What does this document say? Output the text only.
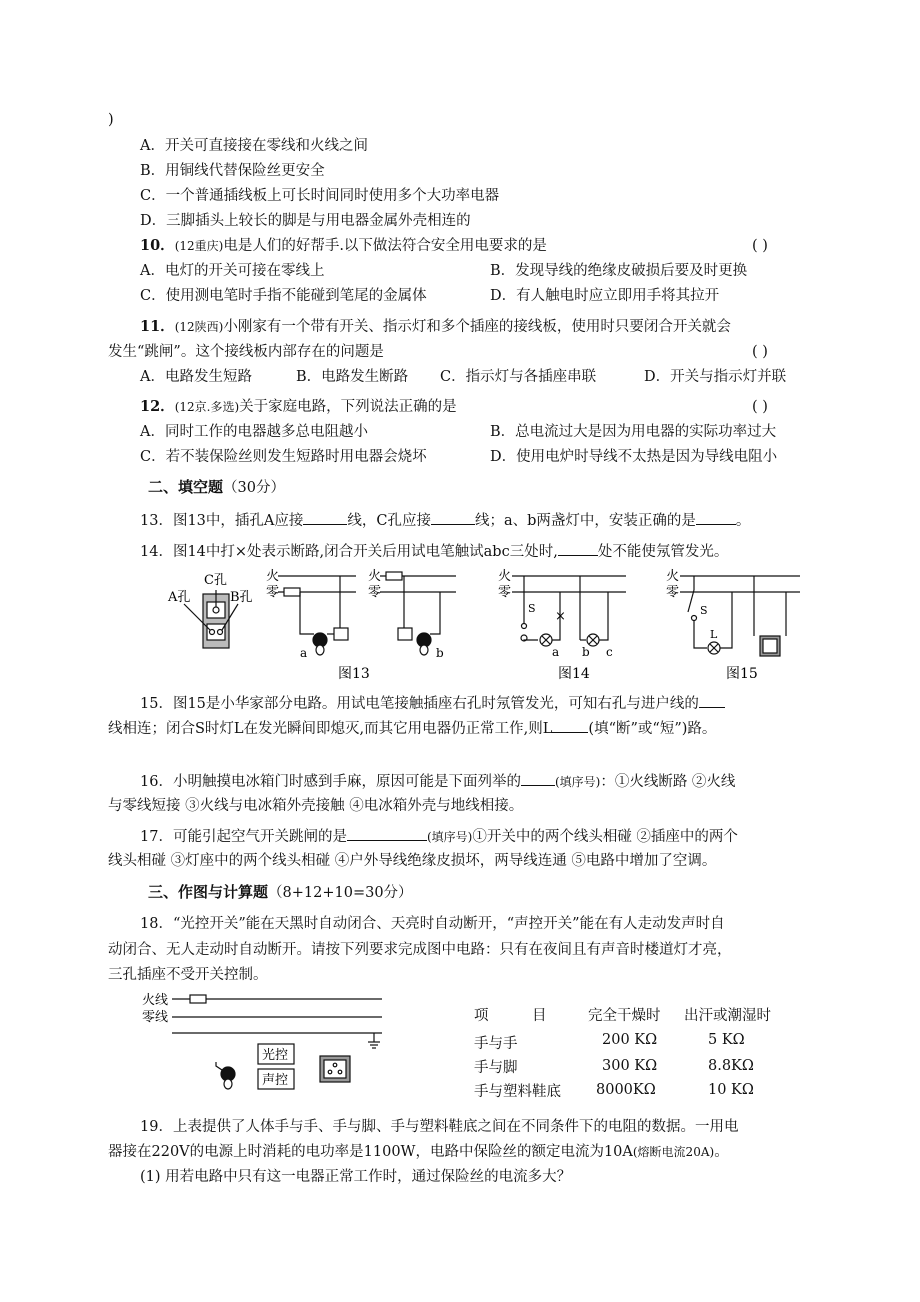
)
A．开关可直接接在零线和火线之间
B．用铜线代替保险丝更安全
C．一个普通插线板上可长时间同时使用多个大功率电器
D．三脚插头上较长的脚是与用电器金属外壳相连的
10．(12重庆)电是人们的好帮手.以下做法符合安全用电要求的是	( )
A．电灯的开关可接在零线上	B．发现导线的绝缘皮破损后要及时更换
C．使用测电笔时手指不能碰到笔尾的金属体	D．有人触电时应立即用手将其拉开
11．(12陕西)小刚家有一个带有开关、指示灯和多个插座的接线板，使用时只要闭合开关就会
发生“跳闸”。这个接线板内部存在的问题是	( )
A．电路发生短路	B．电路发生断路 C．指示灯与各插座串联	D．开关与指示灯并联
12．(12京.多选)关于家庭电路，下列说法正确的是	( )
A．同时工作的电器越多总电阻越小	B．总电流过大是因为用电器的实际功率过大
C．若不装保险丝则发生短路时用电器会烧坏	D．使用电炉时导线不太热是因为导线电阻小
二、填空题（30分）
13．图13中，插孔A应接	线，C孔应接	线；a、b两盏灯中，安装正确的是	。
14．图14中打×处表示断路,闭合开关后用试电笔触试abc三处时,	处不能使氖管发光。
C孔
A孔	B孔
火
零
火
零
a	b
图13
火
零
S
×
a b c
图14
火
零
S
L
图15
15．图15是小华家部分电路。用试电笔接触插座右孔时氖管发光，可知右孔与进户线的
线相连；闭合S时灯L在发光瞬间即熄灭,而其它用电器仍正常工作,则L (填“断”或“短”)路。
16．小明触摸电冰箱门时感到手麻，原因可能是下面列举的	(填序号)：①火线断路 ②火线
与零线短接 ③火线与电冰箱外壳接触 ④电冰箱外壳与地线相接。
17．可能引起空气开关跳闸的是	(填序号)①开关中的两个线头相碰 ②插座中的两个
线头相碰 ③灯座中的两个线头相碰 ④户外导线绝缘皮损坏，两导线连通 ⑤电路中增加了空调。
三、作图与计算题（8+12+10=30分）
18．“光控开关”能在天黑时自动闭合、天亮时自动断开，“声控开关”能在有人走动发声时自
动闭合、无人走动时自动断开。请按下列要求完成图中电路：只有在夜间且有声音时楼道灯才亮，
三孔插座不受开关控制。
火线
零线
光控
声控
项　　　目	完全干燥时 出汗或潮湿时
手与手	200 KΩ	5 KΩ
手与脚	300 KΩ	8.8KΩ
手与塑料鞋底 8000KΩ	10 KΩ
19．上表提供了人体手与手、手与脚、手与塑料鞋底之间在不同条件下的电阻的数据。一用电
器接在220V的电源上时消耗的电功率是1100W，电路中保险丝的额定电流为10A(熔断电流20A)。
(1) 用若电路中只有这一电器正常工作时，通过保险丝的电流多大？
